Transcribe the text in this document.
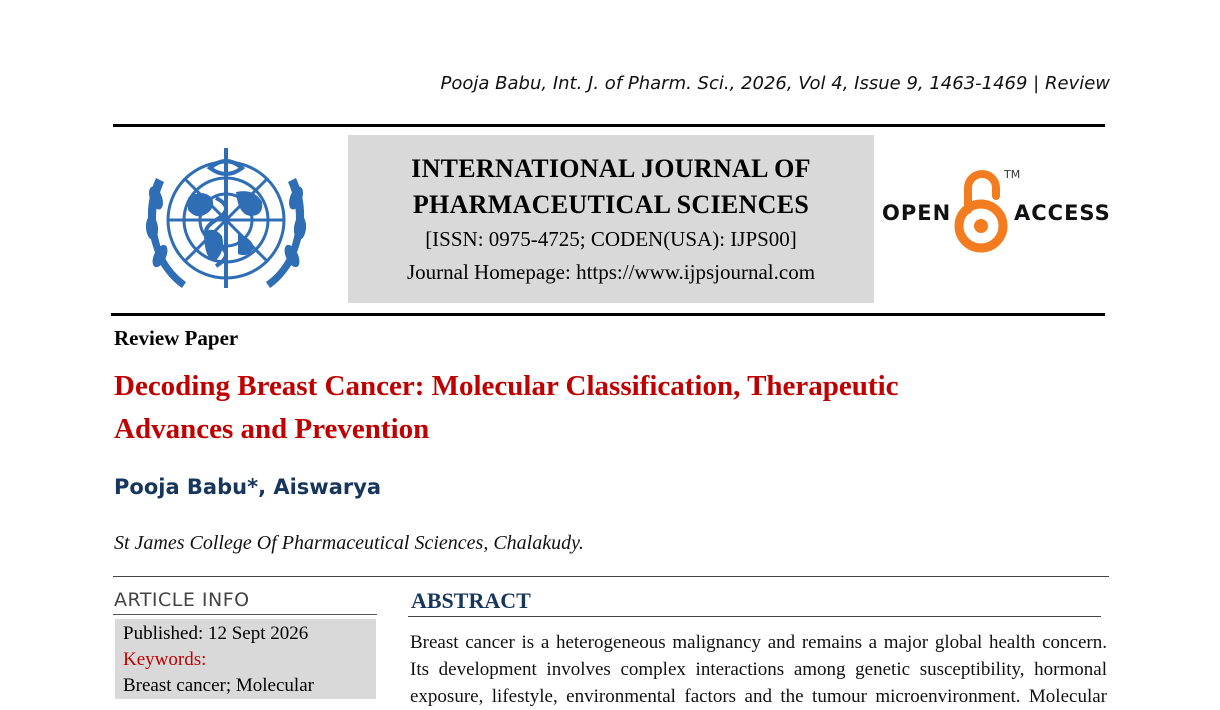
Pooja Babu, Int. J. of Pharm. Sci., 2026, Vol 4, Issue 9, 1463-1469 | Review
INTERNATIONAL JOURNAL OF
PHARMACEUTICAL SCIENCES
[ISSN: 0975-4725; CODEN(USA): IJPS00]
Journal Homepage: https://www.ijpsjournal.com
OPEN
TM
ACCESS
Review Paper
Decoding Breast Cancer: Molecular Classification, Therapeutic
Advances and Prevention
Pooja Babu*, Aiswarya
St James College Of Pharmaceutical Sciences, Chalakudy.
ARTICLE INFO
Published: 12 Sept 2026
Keywords:
Breast cancer; Molecular
ABSTRACT
Breast cancer is a heterogeneous malignancy and remains a major global health concern.
Its development involves complex interactions among genetic susceptibility, hormonal
exposure, lifestyle, environmental factors and the tumour microenvironment. Molecular
